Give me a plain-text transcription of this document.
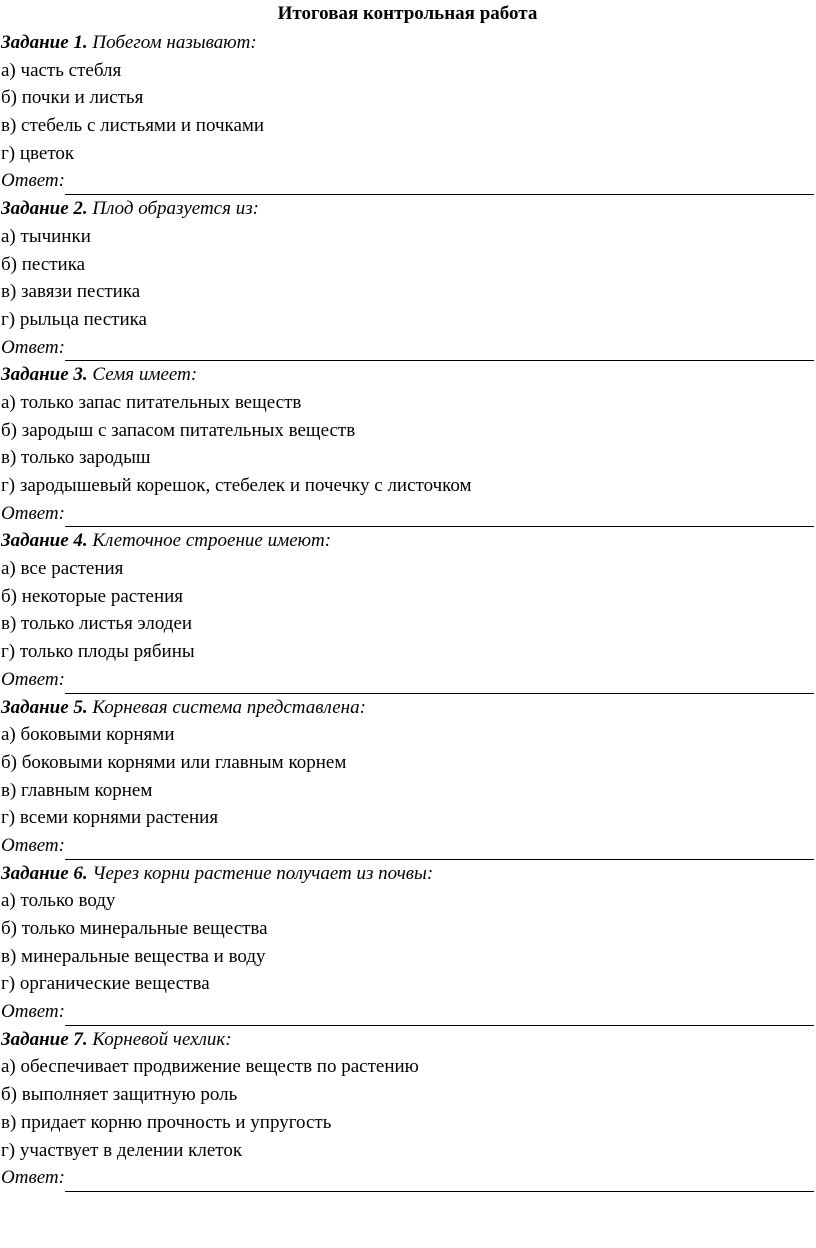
Итоговая контрольная работа
Задание 1. Побегом называют:
а) часть стебля
б) почки и листья
в) стебель с листьями и почками
г) цветок
Ответ:
Задание 2. Плод образуется из:
а) тычинки
б) пестика
в) завязи пестика
г) рыльца пестика
Ответ:
Задание 3. Семя имеет:
а) только запас питательных веществ
б) зародыш с запасом питательных веществ
в) только зародыш
г) зародышевый корешок, стебелек и почечку с листочком
Ответ:
Задание 4. Клеточное строение имеют:
а) все растения
б) некоторые растения
в) только листья элодеи
г) только плоды рябины
Ответ:
Задание 5. Корневая система представлена:
а) боковыми корнями
б) боковыми корнями или главным корнем
в) главным корнем
г) всеми корнями растения
Ответ:
Задание 6. Через корни растение получает из почвы:
а) только воду
б) только минеральные вещества
в) минеральные вещества и воду
г) органические вещества
Ответ:
Задание 7. Корневой чехлик:
а) обеспечивает продвижение веществ по растению
б) выполняет защитную роль
в) придает корню прочность и упругость
г) участвует в делении клеток
Ответ:
